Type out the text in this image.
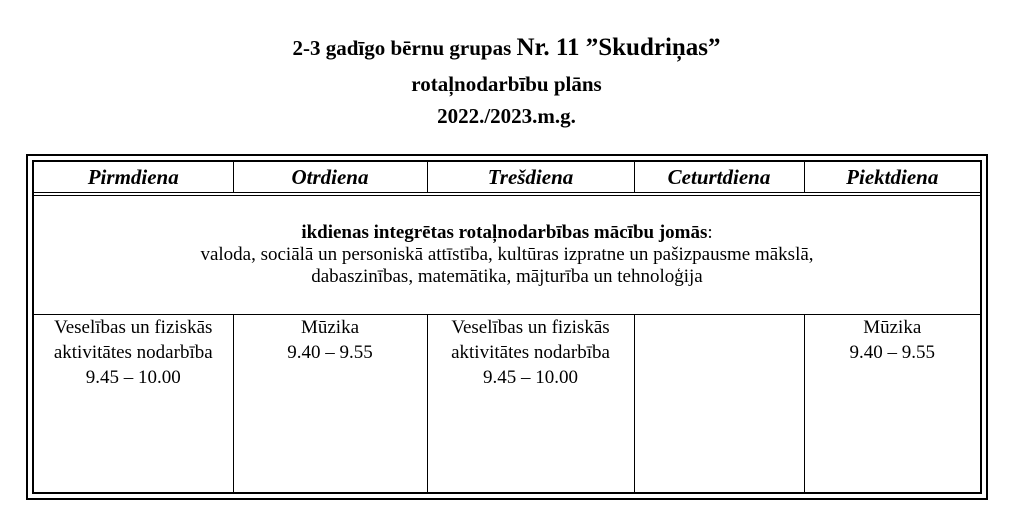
2-3 gadīgo bērnu grupas Nr. 11 ”Skudriņas”
rotaļnodarbību plāns
2022./2023.m.g.
Pirmdiena	Otrdiena	Trešdiena	Ceturtdiena	Piektdiena

ikdienas integrētas rotaļnodarbības mācību jomās:
valoda, sociālā un personiskā attīstība, kultūras izpratne un pašizpausme mākslā,
dabaszinības, matemātika, mājturība un tehnoloģija				

Veselības un fiziskās
aktivitātes nodarbība
9.45 – 10.00	Mūzika
9.40 – 9.55	Veselības un fiziskās
aktivitātes nodarbība
9.45 – 10.00		Mūzika
9.40 – 9.55
